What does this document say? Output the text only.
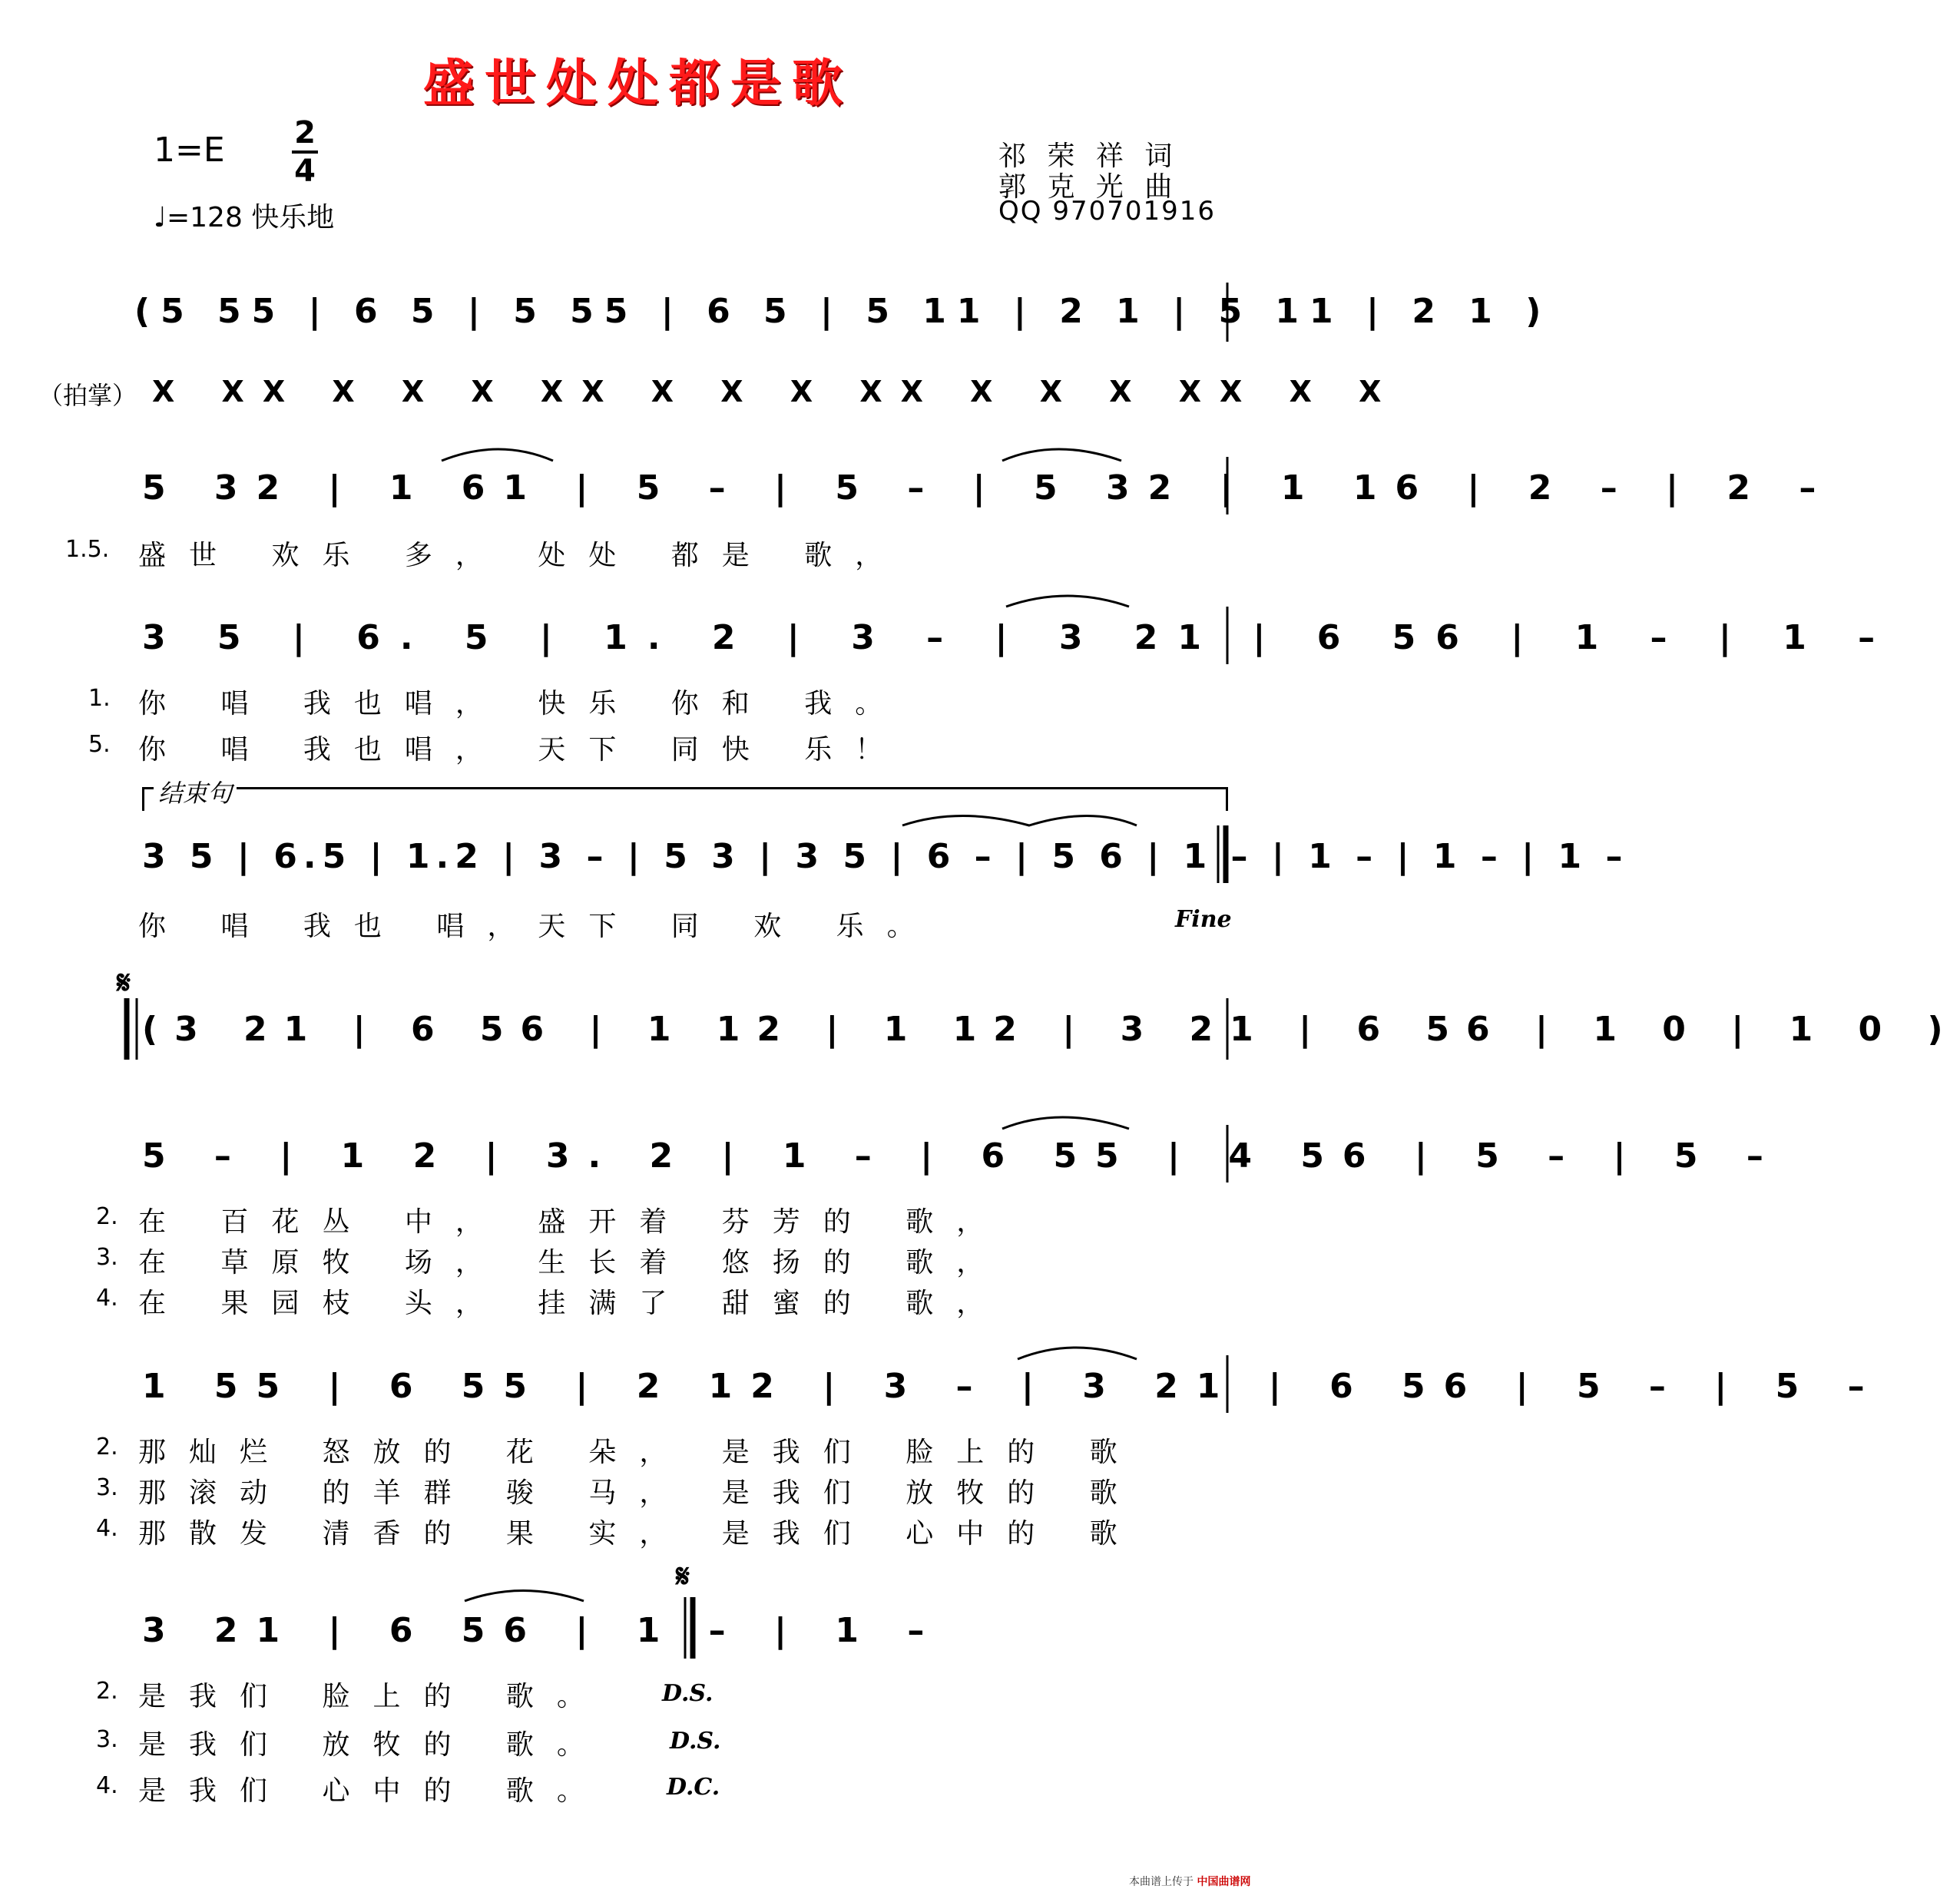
盛世处处都是歌
1=E 2
4
♩=128 快乐地
祁 荣 祥 词
郭 克 光 曲
QQ 970701916
(5 55 | 6 5 | 5 55 | 6 5 | 5 11 | 2 1 | 5 11 | 2 1 )
（拍掌） X XX X X X XX X X X XX X X X XX X X
5 32 | 1 61 | 5 – | 5 – | 5 32 | 1 16 | 2 – | 2 –
1.5. 盛世 欢乐 多， 处处 都是 歌，
3 5 | 6. 5 | 1. 2 | 3 – | 3 21 | 6 56 | 1 – | 1 –
1. 你 唱 我也唱， 快乐 你和 我。
5. 你 唱 我也唱， 天下 同快 乐！
结束句
3 5 | 6.5 | 1.2 | 3 – | 5 3 | 3 5 | 6 – | 5 6 | 1 – | 1 – | 1 – | 1 –
你 唱 我也 唱，天下 同 欢 乐。	Fine
𝄋
(3 21 | 6 56 | 1 12 | 1 12 | 3 21 | 6 56 | 1 0 | 1 0 )
5 – | 1 2 | 3. 2 | 1 – | 6 55 | 4 56 | 5 – | 5 –
2. 在 百花丛 中， 盛开着 芬芳的 歌，
3. 在 草原牧 场， 生长着 悠扬的 歌，
4. 在 果园枝 头， 挂满了 甜蜜的 歌，
1 55 | 6 55 | 2 12 | 3 – | 3 21 | 6 56 | 5 – | 5 –
2. 那灿烂 怒放的 花 朵， 是我们 脸上的 歌
3. 那滚动 的羊群 骏 马， 是我们 放牧的 歌
4. 那散发 清香的 果 实， 是我们 心中的 歌
𝄋
3 21 | 6 56 | 1 – | 1 –
2. 是我们 脸上的 歌。 D.S.
3. 是我们 放牧的 歌。	D.S.
4. 是我们 心中的 歌。	D.C.
本曲谱上传于 中国曲谱网
